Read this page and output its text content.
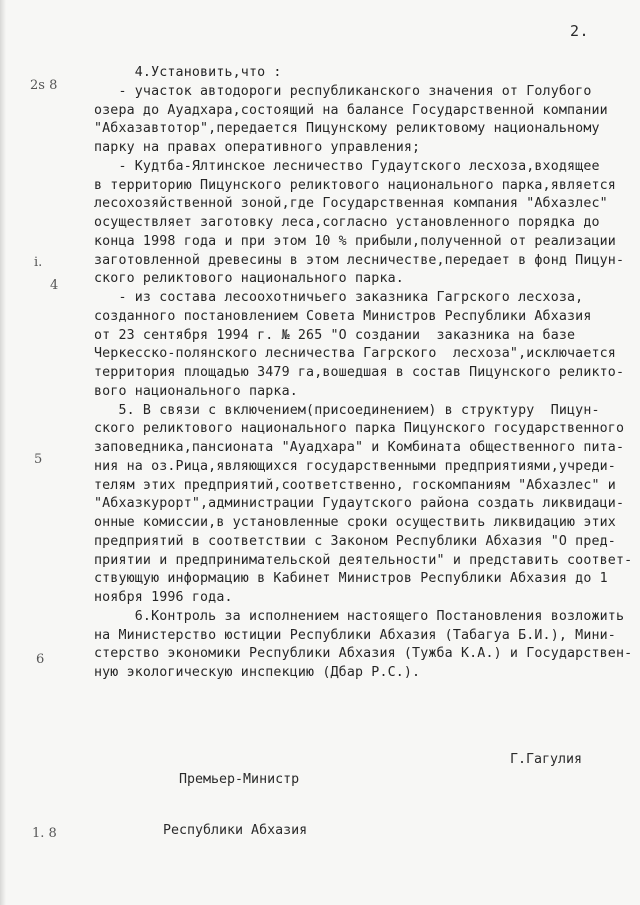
2.
4.Установить,что :
- участок автодороги республиканского значения от Голубого
озера до Ауадхара,состоящий на балансе Государственной компании
"Абхазавтотор",передается Пицунскому реликтовому национальному
парку на правах оперативного управления;
- Кудтба-Ялтинское лесничество Гудаутского лесхоза,входящее
в территорию Пицунского реликтового национального парка,является
лесохозяйственной зоной,где Государственная компания "Абхазлес"
осуществляет заготовку леса,согласно установленного порядка до
конца 1998 года и при этом 10 % прибыли,полученной от реализации
заготовленной древесины в этом лесничестве,передает в фонд Пицун-
ского реликтового национального парка.
- из состава лесоохотничьего заказника Гагрского лесхоза,
созданного постановлением Совета Министров Республики Абхазия
от 23 сентября 1994 г. № 265 "О создании  заказника на базе
Черкесско-полянского лесничества Гагрского  лесхоза",исключается
территория площадью 3479 га,вошедшая в состав Пицунского реликто-
вого национального парка.
5. В связи с включением(присоединением) в структуру  Пицун-
ского реликтового национального парка Пицунского государственного
заповедника,пансионата "Ауадхара" и Комбината общественного пита-
ния на оз.Рица,являющихся государственными предприятиями,учреди-
телям этих предприятий,соответственно, госкомпаниям "Абхазлес" и
"Абхазкурорт",администрации Гудаутского района создать ликвидаци-
онные комиссии,в установленные сроки осуществить ликвидацию этих
предприятий в соответствии с Законом Республики Абхазия "О пред-
приятии и предпринимательской деятельности" и представить соответ-
ствующую информацию в Кабинет Министров Республики Абхазия до 1
ноября 1996 года.
6.Контроль за исполнением настоящего Постановления возложить
на Министерство юстиции Республики Абхазия (Табагуа Б.И.), Мини-
стерство экономики Республики Абхазия (Тужба К.А.) и Государствен-
ную экологическую инспекцию (Дбар Р.С.).

Премьер-Министр

Республики Абхазия

Г.Гагулия
2s 8
i.
4
5
6
1. 8
